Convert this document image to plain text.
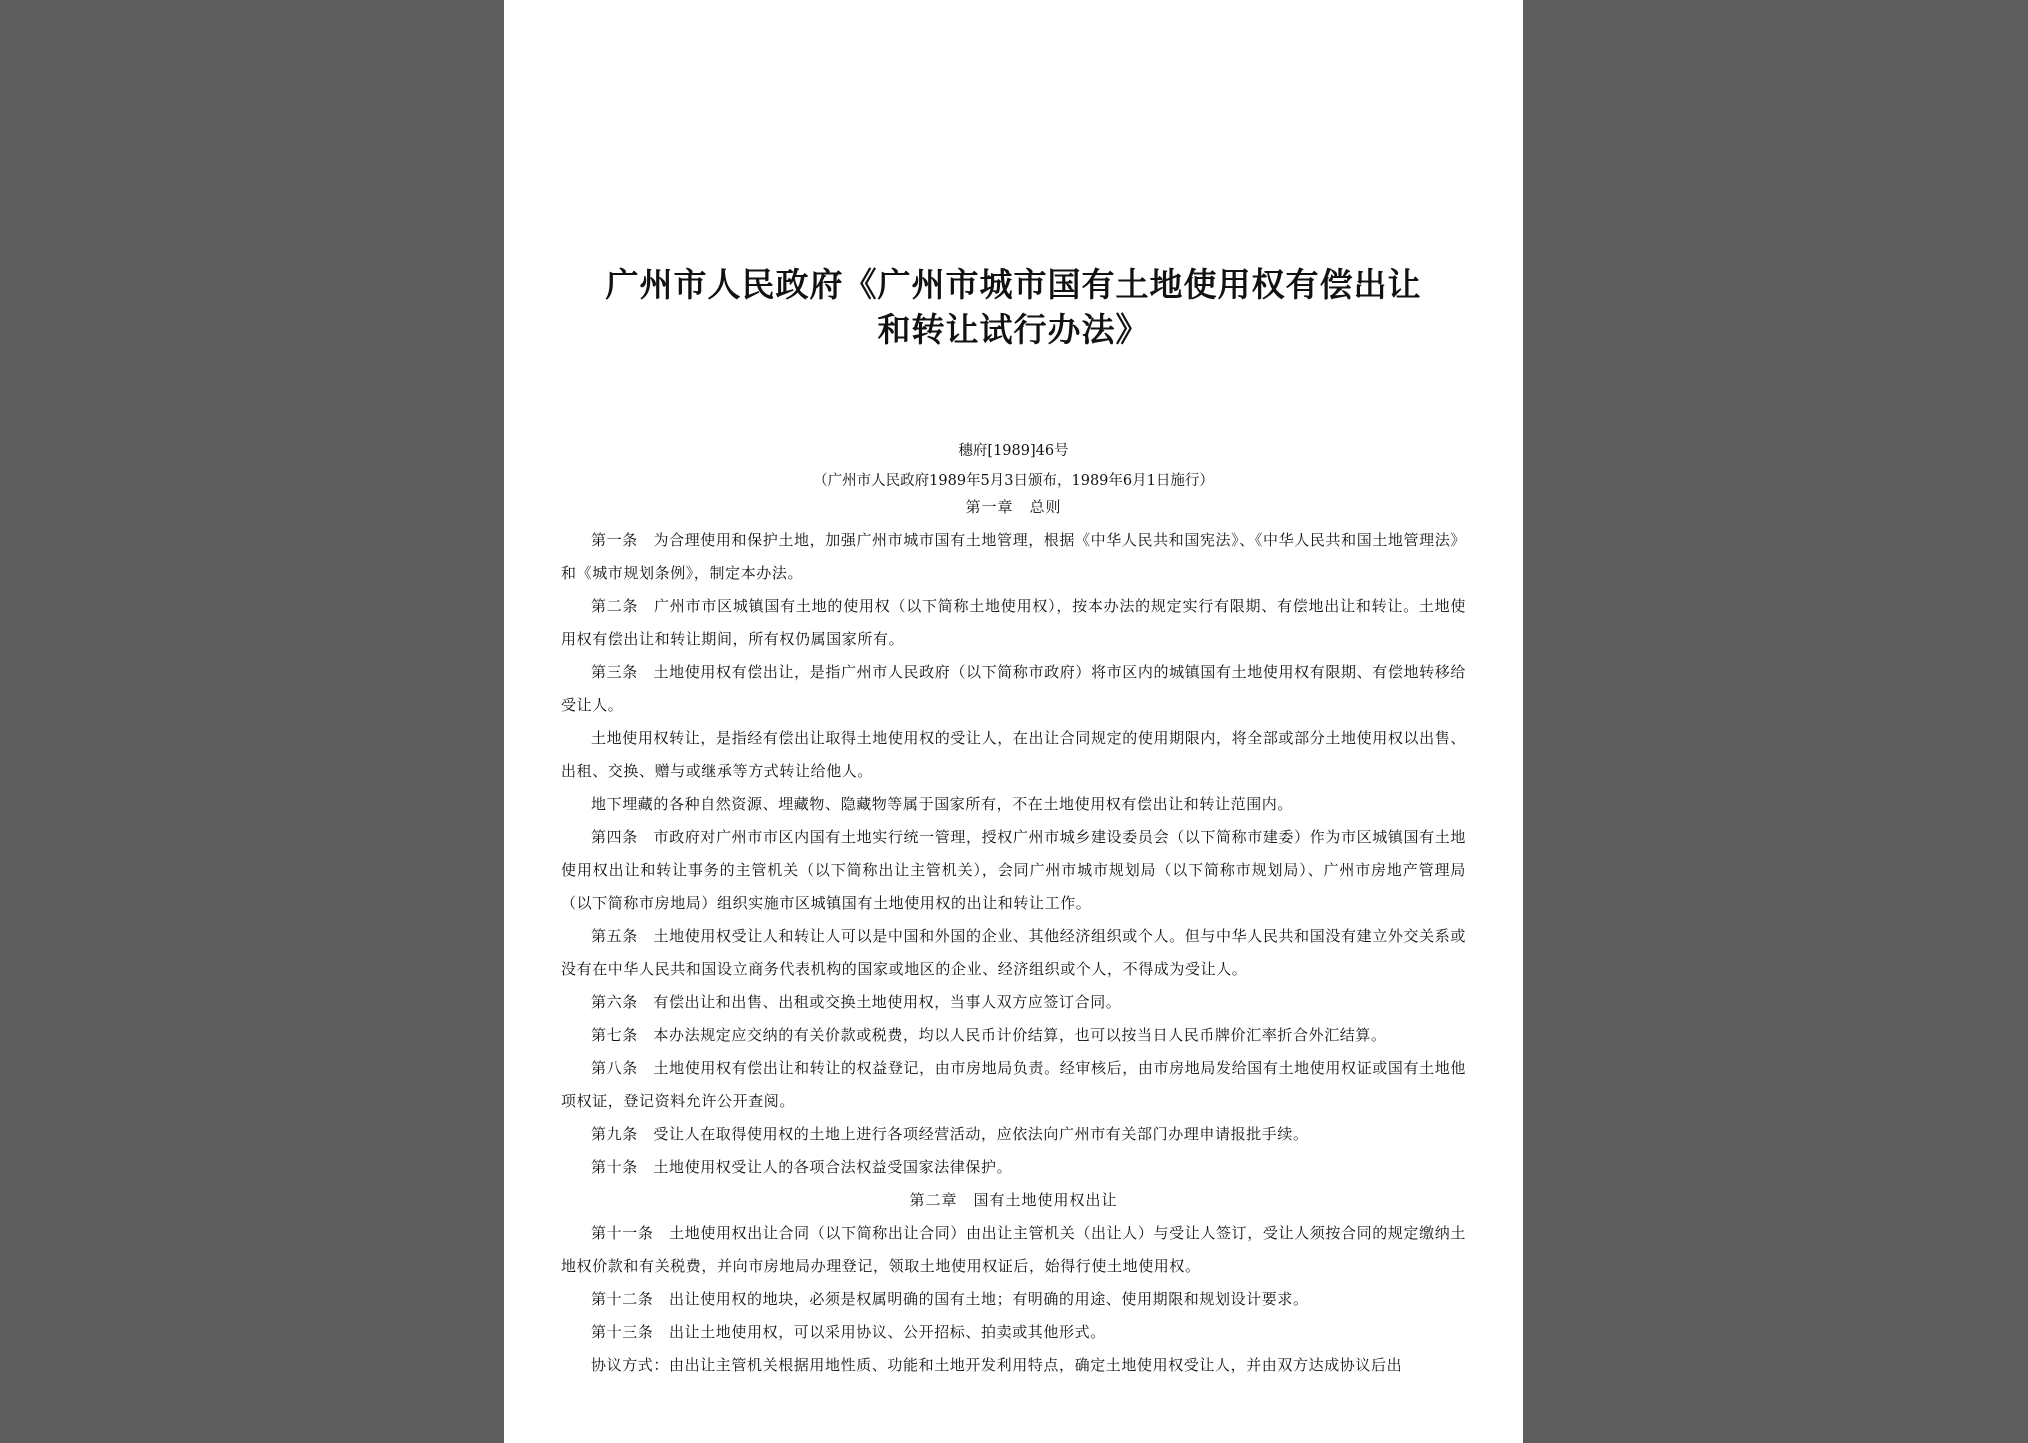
广州市人民政府《广州市城市国有土地使用权有偿出让
和转让试行办法》
穗府[1989]46号
（广州市人民政府1989年5月3日颁布，1989年6月1日施行）
第一章　总则

第一条　为合理使用和保护土地，加强广州市城市国有土地管理，根据《中华人民共和国宪法》、《中华人民共和国土地管理法》和《城市规划条例》，制定本办法。

第二条　广州市市区城镇国有土地的使用权（以下简称土地使用权），按本办法的规定实行有限期、有偿地出让和转让。土地使用权有偿出让和转让期间，所有权仍属国家所有。

第三条　土地使用权有偿出让，是指广州市人民政府（以下简称市政府）将市区内的城镇国有土地使用权有限期、有偿地转移给受让人。

土地使用权转让，是指经有偿出让取得土地使用权的受让人，在出让合同规定的使用期限内，将全部或部分土地使用权以出售、出租、交换、赠与或继承等方式转让给他人。

地下埋藏的各种自然资源、埋藏物、隐藏物等属于国家所有，不在土地使用权有偿出让和转让范围内。

第四条　市政府对广州市市区内国有土地实行统一管理，授权广州市城乡建设委员会（以下简称市建委）作为市区城镇国有土地使用权出让和转让事务的主管机关（以下简称出让主管机关），会同广州市城市规划局（以下简称市规划局）、广州市房地产管理局（以下简称市房地局）组织实施市区城镇国有土地使用权的出让和转让工作。

第五条　土地使用权受让人和转让人可以是中国和外国的企业、其他经济组织或个人。但与中华人民共和国没有建立外交关系或没有在中华人民共和国设立商务代表机构的国家或地区的企业、经济组织或个人，不得成为受让人。

第六条　有偿出让和出售、出租或交换土地使用权，当事人双方应签订合同。

第七条　本办法规定应交纳的有关价款或税费，均以人民币计价结算，也可以按当日人民币牌价汇率折合外汇结算。

第八条　土地使用权有偿出让和转让的权益登记，由市房地局负责。经审核后，由市房地局发给国有土地使用权证或国有土地他项权证，登记资料允许公开查阅。

第九条　受让人在取得使用权的土地上进行各项经营活动，应依法向广州市有关部门办理申请报批手续。

第十条　土地使用权受让人的各项合法权益受国家法律保护。

第二章　国有土地使用权出让

第十一条　土地使用权出让合同（以下简称出让合同）由出让主管机关（出让人）与受让人签订，受让人须按合同的规定缴纳土地权价款和有关税费，并向市房地局办理登记，领取土地使用权证后，始得行使土地使用权。

第十二条　出让使用权的地块，必须是权属明确的国有土地；有明确的用途、使用期限和规划设计要求。

第十三条　出让土地使用权，可以采用协议、公开招标、拍卖或其他形式。

协议方式：由出让主管机关根据用地性质、功能和土地开发利用特点，确定土地使用权受让人，并由双方达成协议后出
